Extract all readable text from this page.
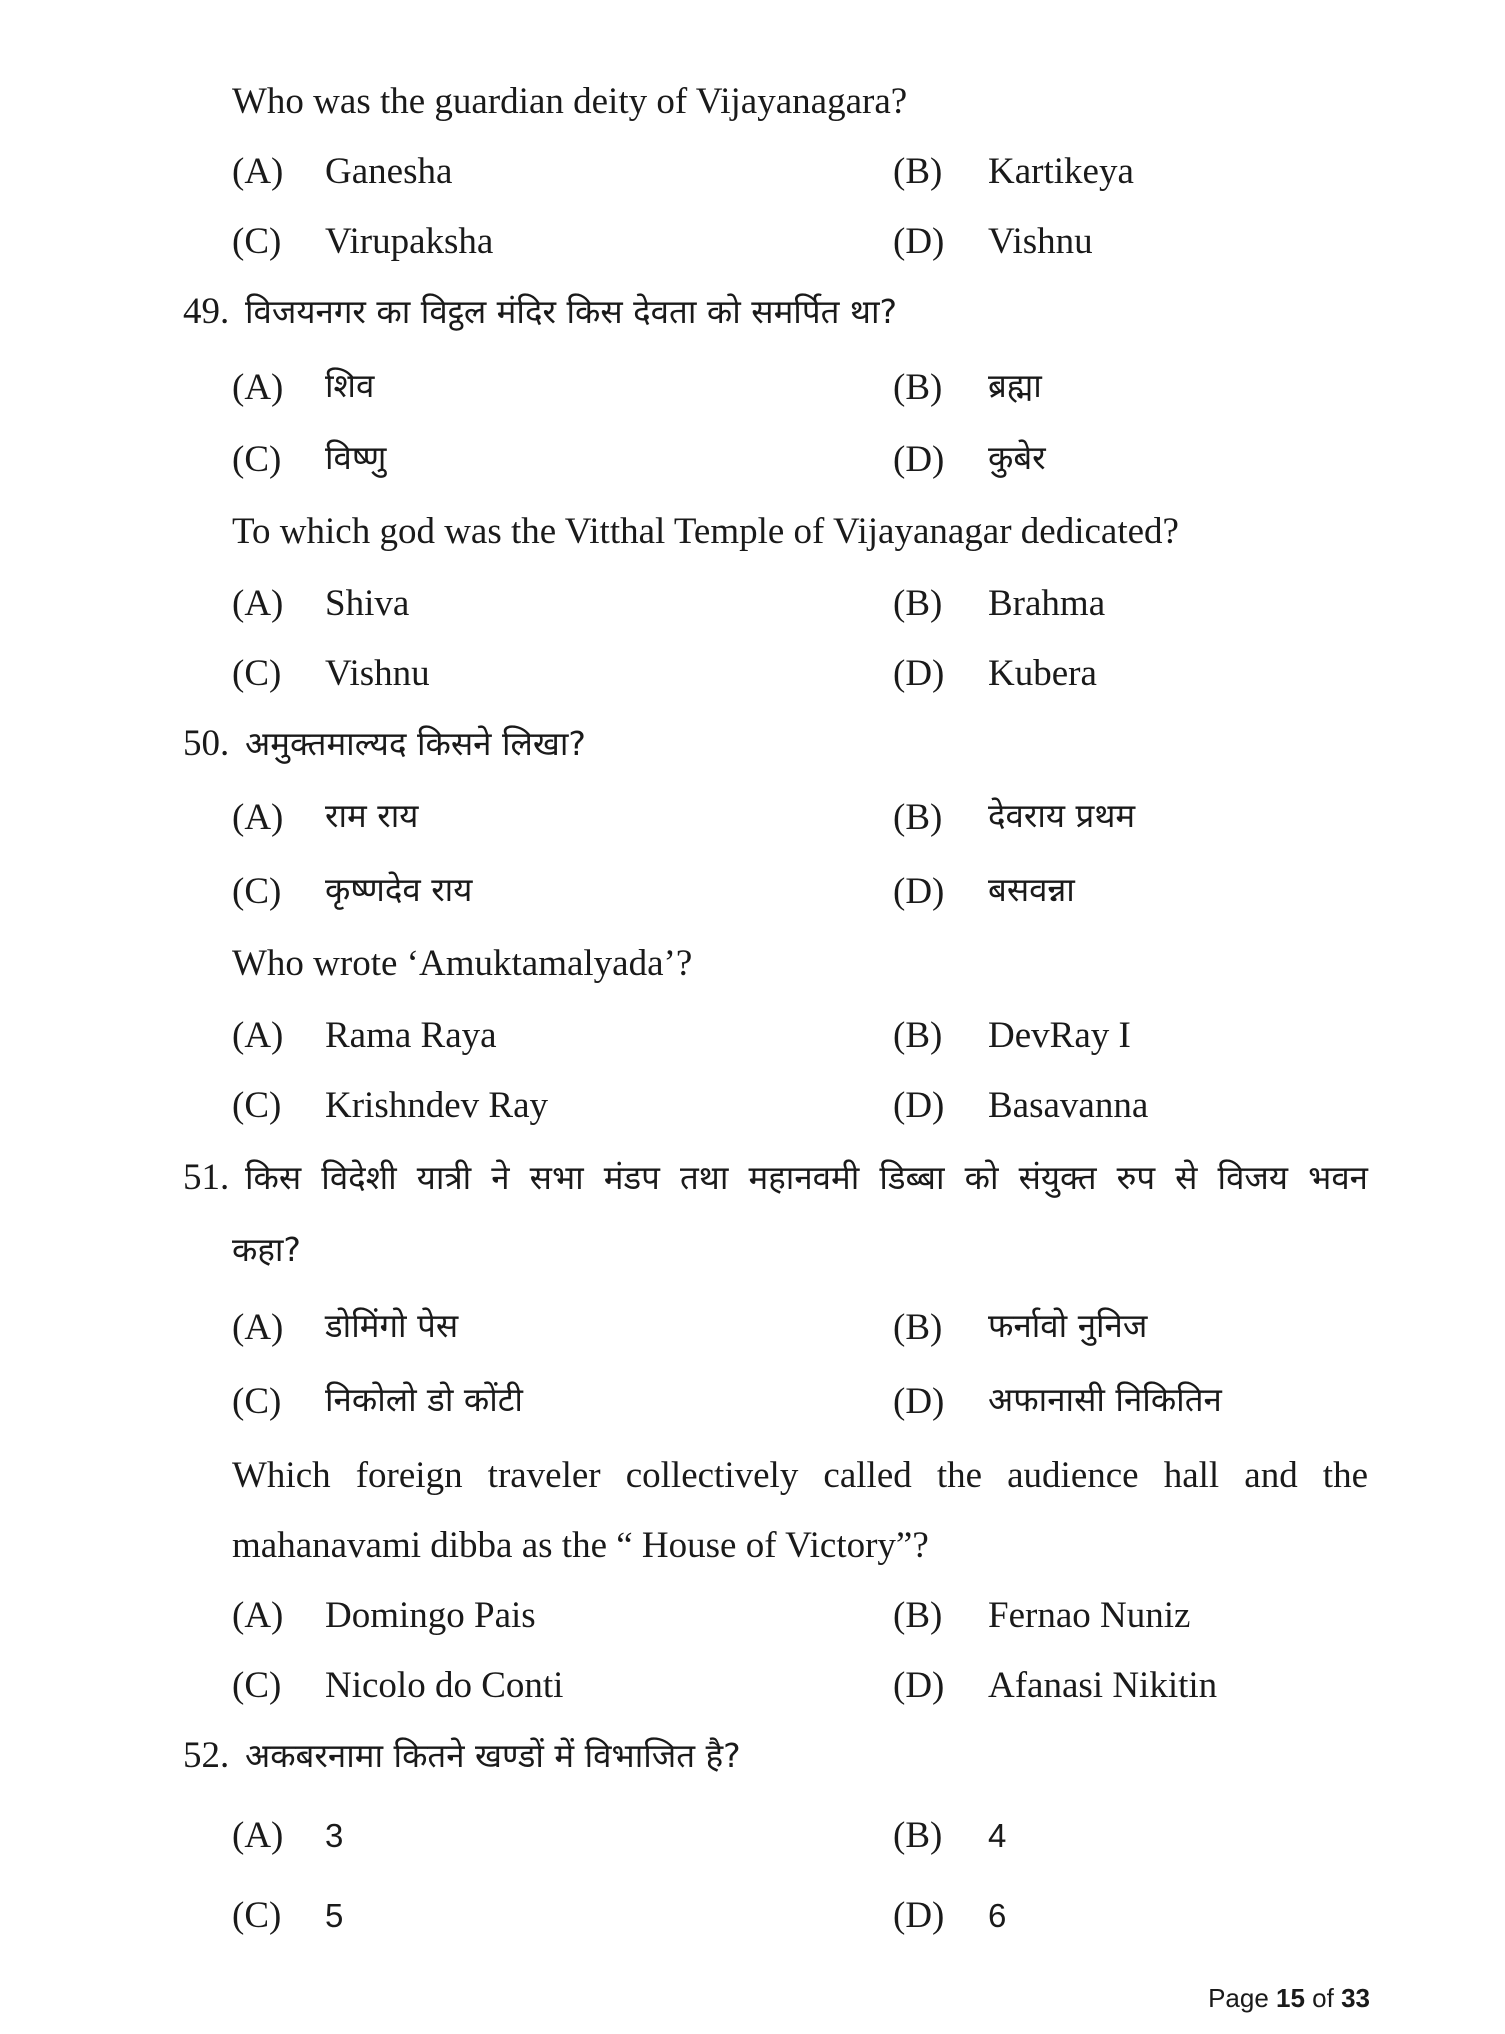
Who was the guardian deity of Vijayanagara?
(A) Ganesha	(B) Kartikeya
(C) Virupaksha	(D) Vishnu
49. विजयनगर का विट्ठल मंदिर किस देवता को समर्पित था?
(A) शिव	(B) ब्रह्मा
(C) विष्णु	(D) कुबेर
To which god was the Vitthal Temple of Vijayanagar dedicated?
(A) Shiva	(B) Brahma
(C) Vishnu	(D) Kubera
50. अमुक्तमाल्यद किसने लिखा?
(A) राम राय	(B) देवराय प्रथम
(C) कृष्णदेव राय	(D) बसवन्ना
Who wrote ‘Amuktamalyada’?
(A) Rama Raya	(B) DevRay I
(C) Krishndev Ray	(D) Basavanna
51. किस विदेशी यात्री ने सभा मंडप तथा महानवमी डिब्बा को संयुक्त रुप से विजय भवन
कहा?
(A) डोमिंगो पेस	(B) फर्नावो नुनिज
(C) निकोलो डो कोंटी	(D) अफानासी निकितिन
Which foreign traveler collectively called the audience hall and the
mahanavami dibba as the “ House of Victory”?
(A) Domingo Pais	(B) Fernao Nuniz
(C) Nicolo do Conti	(D) Afanasi Nikitin
52. अकबरनामा कितने खण्डों में विभाजित है?
(A) 3	(B) 4
(C) 5	(D) 6
Page 15 of 33
